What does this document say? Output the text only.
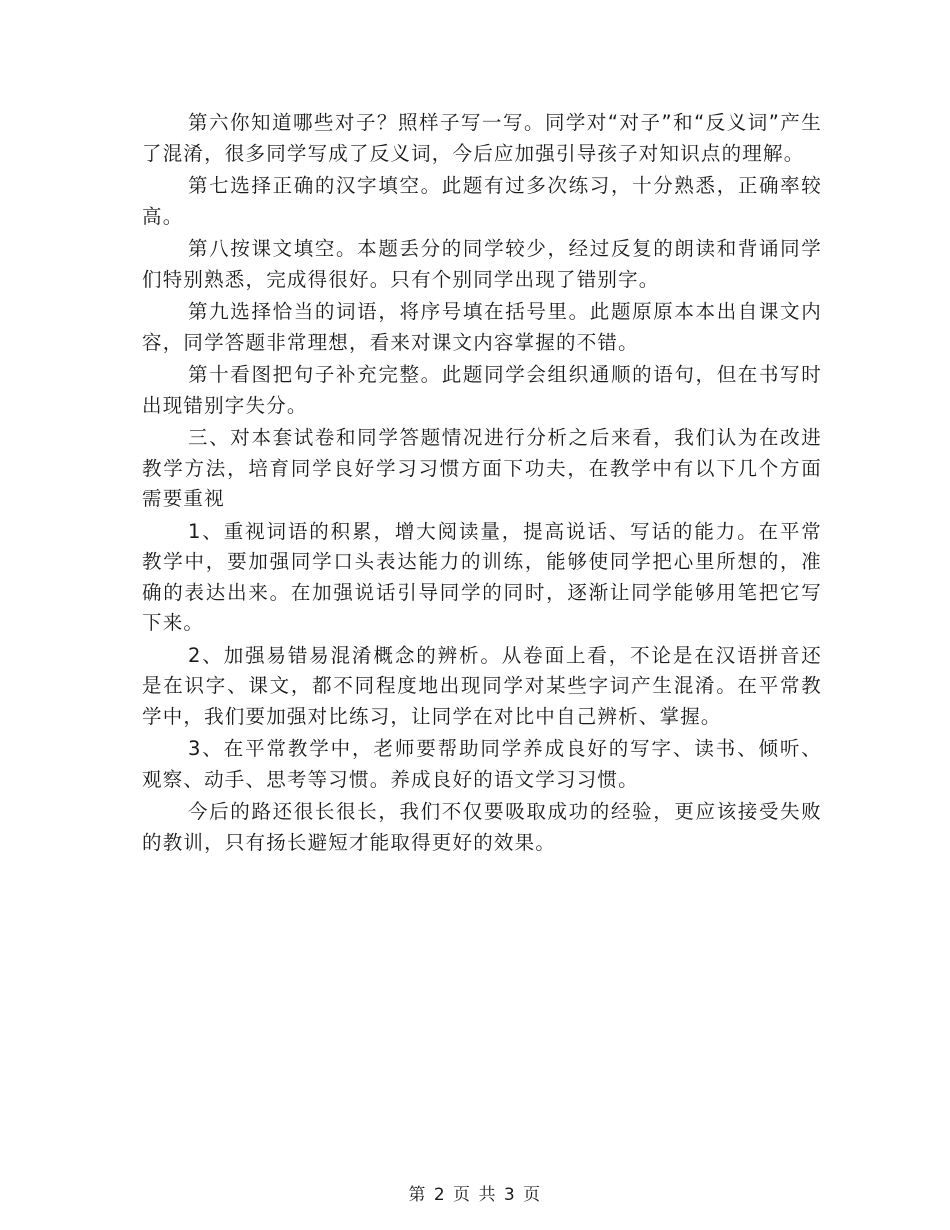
第六你知道哪些对子？照样子写一写。同学对“对子”和“反义词”产生了混淆，很多同学写成了反义词，今后应加强引导孩子对知识点的理解。

第七选择正确的汉字填空。此题有过多次练习，十分熟悉，正确率较高。

第八按课文填空。本题丢分的同学较少，经过反复的朗读和背诵同学们特别熟悉，完成得很好。只有个别同学出现了错别字。

第九选择恰当的词语，将序号填在括号里。此题原原本本出自课文内容，同学答题非常理想，看来对课文内容掌握的不错。

第十看图把句子补充完整。此题同学会组织通顺的语句，但在书写时出现错别字失分。

三、对本套试卷和同学答题情况进行分析之后来看，我们认为在改进教学方法，培育同学良好学习习惯方面下功夫，在教学中有以下几个方面需要重视

1、重视词语的积累，增大阅读量，提高说话、写话的能力。在平常教学中，要加强同学口头表达能力的训练，能够使同学把心里所想的，准确的表达出来。在加强说话引导同学的同时，逐渐让同学能够用笔把它写下来。

2、加强易错易混淆概念的辨析。从卷面上看，不论是在汉语拼音还是在识字、课文，都不同程度地出现同学对某些字词产生混淆。在平常教学中，我们要加强对比练习，让同学在对比中自己辨析、掌握。

3、在平常教学中，老师要帮助同学养成良好的写字、读书、倾听、观察、动手、思考等习惯。养成良好的语文学习习惯。

今后的路还很长很长，我们不仅要吸取成功的经验，更应该接受失败的教训，只有扬长避短才能取得更好的效果。

第 2 页 共 3 页
